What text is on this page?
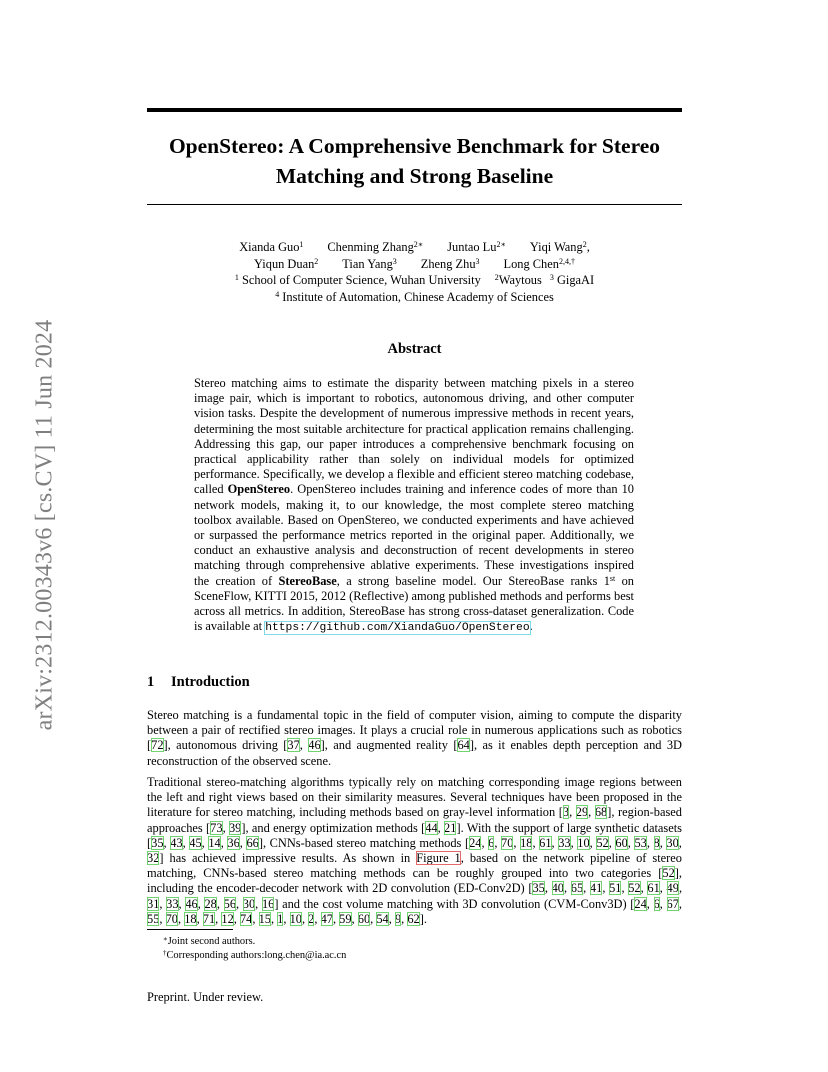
arXiv:2312.00343v6 [cs.CV] 11 Jun 2024
OpenStereo: A Comprehensive Benchmark for Stereo
Matching and Strong Baseline
Xianda Guo$^1$ Chenming Zhang$^{2∗}$ Juntao $Lu^{2∗}$ Yiqi Wang$^2$,
Yiqun Duan$^2$ Tian Yang$^3$ Zheng Zhu$^3$ Long Chen$^{2,4,\dagger}$
$^1$ School of Computer Science, Wuhan University $^2$Waytous $^3$ GigaAI
$^4$ Institute of Automation, Chinese Academy of Sciences
Abstract
Stereo matching aims to estimate the disparity between matching pixels in a stereo image pair, which is important to robotics, autonomous driving, and other computer vision tasks. Despite the development of numerous impressive methods in recent years, determining the most suitable architecture for practical application remains challenging. Addressing this gap, our paper introduces a comprehensive benchmark focusing on practical applicability rather than solely on individual models for optimized performance. Specifically, we develop a flexible and efficient stereo matching codebase, called OpenStereo. OpenStereo includes training and inference codes of more than 10 network models, making it, to our knowledge, the most complete stereo matching toolbox available. Based on OpenStereo, we conducted experiments and have achieved or surpassed the performance metrics reported in the original paper. Additionally, we conduct an exhaustive analysis and deconstruction of recent developments in stereo matching through comprehensive ablative experiments. These investigations inspired the creation of StereoBase, a strong baseline model. Our StereoBase ranks 1st on SceneFlow, KITTI 2015, 2012 (Reflective) among published methods and performs best across all metrics. In addition, StereoBase has strong cross-dataset generalization. Code is available at https://github.com/XiandaGuo/OpenStereo.
1 Introduction
Stereo matching is a fundamental topic in the field of computer vision, aiming to compute the disparity between a pair of rectified stereo images. It plays a crucial role in numerous applications such as robotics [72], autonomous driving [37, 46], and augmented reality [64], as it enables depth perception and 3D reconstruction of the observed scene.
Traditional stereo-matching algorithms typically rely on matching corresponding image regions between the left and right views based on their similarity measures. Several techniques have been proposed in the literature for stereo matching, including methods based on gray-level information [3, 29, 68], region-based approaches [73, 39], and energy optimization methods [44, 21]. With the support of large synthetic datasets [35, 43, 45, 14, 36, 66], CNNs-based stereo matching methods [24, 6, 70, 18, 61, 33, 10, 52, 60, 53, 8, 30, 32] has achieved impressive results. As shown in Figure 1, based on the network pipeline of stereo matching, CNNs-based stereo matching methods can be roughly grouped into two categories [52], including the encoder-decoder network with 2D convolution (ED-Conv2D) [35, 40, 65, 41, 51, 52, 61, 49, 31, 33, 46, 28, 56, 30, 16] and the cost volume matching with 3D convolution (CVM-Conv3D) [24, 6, 67, 55, 70, 18, 71, 12, 74, 15, 1, 10, 2, 47, 59, 60, 54, 9, 62].
∗Joint second authors.
†Corresponding authors:long.chen@ia.ac.cn
Preprint. Under review.
